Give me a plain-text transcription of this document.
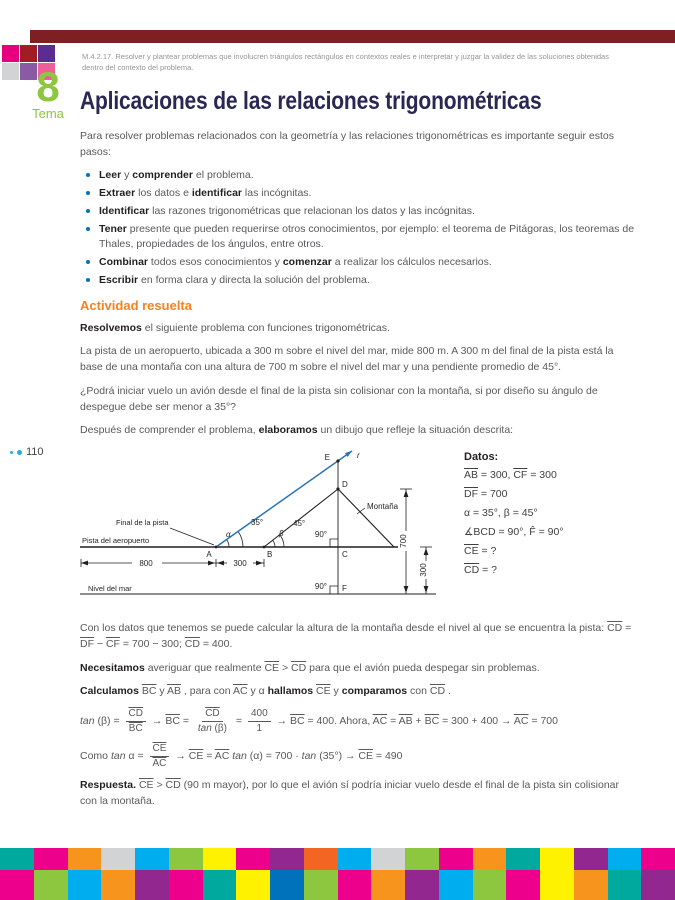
8
Tema
110

M.4.2.17. Resolver y plantear problemas que involucren triángulos rectángulos en contextos reales e interpretar y juzgar la validez de las soluciones obtenidas dentro del contexto del problema.

Aplicaciones de las relaciones trigonométricas

Para resolver problemas relacionados con la geometría y las relaciones trigonométricas es importante seguir estos pasos:

Leer y comprender el problema.
Extraer los datos e identificar las incógnitas.
Identificar las razones trigonométricas que relacionan los datos y las incógnitas.
Tener presente que pueden requerirse otros conocimientos, por ejemplo: el teorema de Pitágoras, los teoremas de Thales, propiedades de los ángulos, entre otros.
Combinar todos esos conocimientos y comenzar a realizar los cálculos necesarios.
Escribir en forma clara y directa la solución del problema.
Actividad resuelta

Resolvemos el siguiente problema con funciones trigonométricas.

La pista de un aeropuerto, ubicada a 300 m sobre el nivel del mar, mide 800 m. A 300 m del final de la pista está la base de una montaña con una altura de 700 m sobre el nivel del mar y una pendiente promedio de 45°.

¿Podrá iniciar vuelo un avión desde el final de la pista sin colisionar con la montaña, si por diseño su ángulo de despegue debe ser menor a 35°?

Después de comprender el problema, elaboramos un dibujo que refleje la situación descrita:

800	300
700
300
A	B	C
D
E	r
F
α	β
35°	45°
90°
90°
Montaña
Final de la pista
Pista del aeropuerto
Nivel del mar
Datos:
$\overline{AB} = 300$, $\overline{CF} = 300$
$\overline{DF} = 700$
α = 35°, β = 45°
∡BCD = 90°, F̂ = 90°
$\overline{CE}$ = ?
$\overline{CD}$ = ?

Con los datos que tenemos se puede calcular la altura de la montaña desde el nivel al que se encuentra la pista: $\overline{CD} = \overline{DF} - \overline{CF} = 700 - 300$; $\overline{CD} = 400$.

Necesitamos averiguar que realmente $\overline{CE} > \overline{CD}$ para que el avión pueda despegar sin problemas.

Calculamos $\overline{BC}$ y $\overline{AB}$ , para con $\overline{AC}$ y α hallamos $\overline{CE}$ y comparamos con $\overline{CD}$ .

$\tan (\beta) = \frac{\overline{CD}}{BC} \to \overline{BC} = \frac{\overline{CD}}{\tan (\beta)} = \frac{400}{1} \to \overline{BC} = 400$. Ahora, $\overline{AC} = \overline{AB} + \overline{BC} = 300 + 400 \to \overline{AC} = 700$

Como $\tan \alpha = \frac{\overline{CE}}{AC} \to \overline{CE} = \overline{AC}$ $\tan (\alpha) = 700 \cdot \tan (35^\circ) \to \overline{CE} = 490$

Respuesta. $\overline{CE} > \overline{CD}$ (90 m mayor), por lo que el avión sí podría iniciar vuelo desde el final de la pista sin colisionar con la montaña.
